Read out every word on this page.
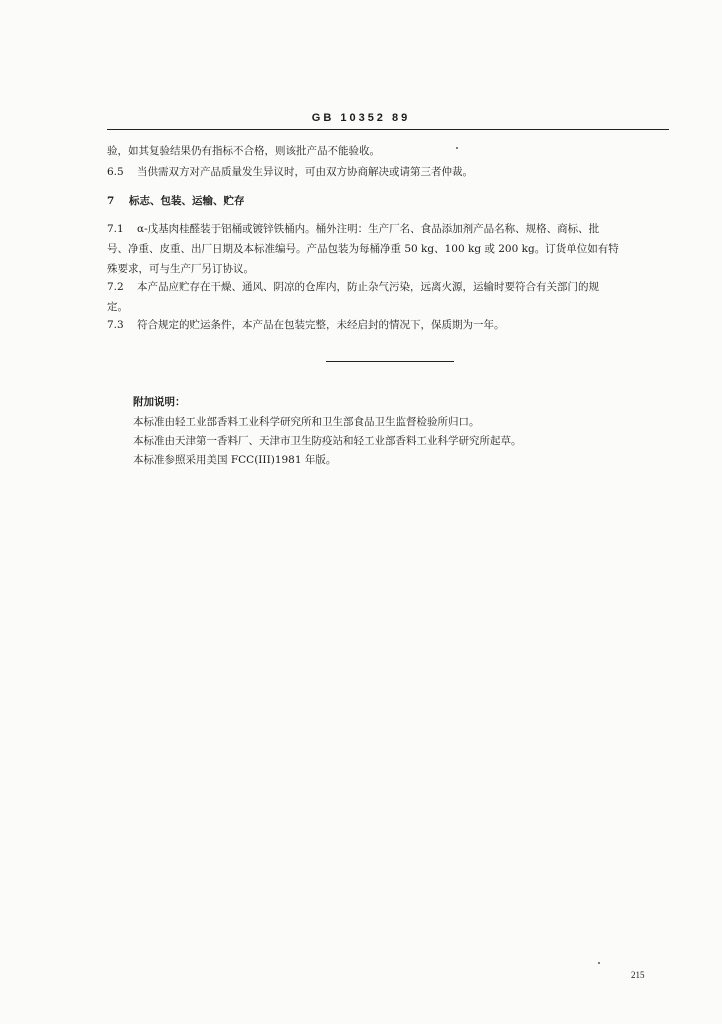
GB 10352 89
验，如其复验结果仍有指标不合格，则该批产品不能验收。
6.5 当供需双方对产品质量发生异议时，可由双方协商解决或请第三者仲裁。
7 标志、包装、运输、贮存
7.1 α-戊基肉桂醛装于铝桶或镀锌铁桶内。桶外注明：生产厂名、食品添加剂产品名称、规格、商标、批
号、净重、皮重、出厂日期及本标准编号。产品包装为每桶净重 50 kg、100 kg 或 200 kg。订货单位如有特
殊要求，可与生产厂另订协议。
7.2 本产品应贮存在干燥、通风、阴凉的仓库内，防止杂气污染，远离火源，运输时要符合有关部门的规
定。
7.3 符合规定的贮运条件，本产品在包装完整，未经启封的情况下，保质期为一年。
附加说明：
本标准由轻工业部香料工业科学研究所和卫生部食品卫生监督检验所归口。
本标准由天津第一香料厂、天津市卫生防疫站和轻工业部香料工业科学研究所起草。
本标准参照采用美国 FCC(III)1981 年版。
215
